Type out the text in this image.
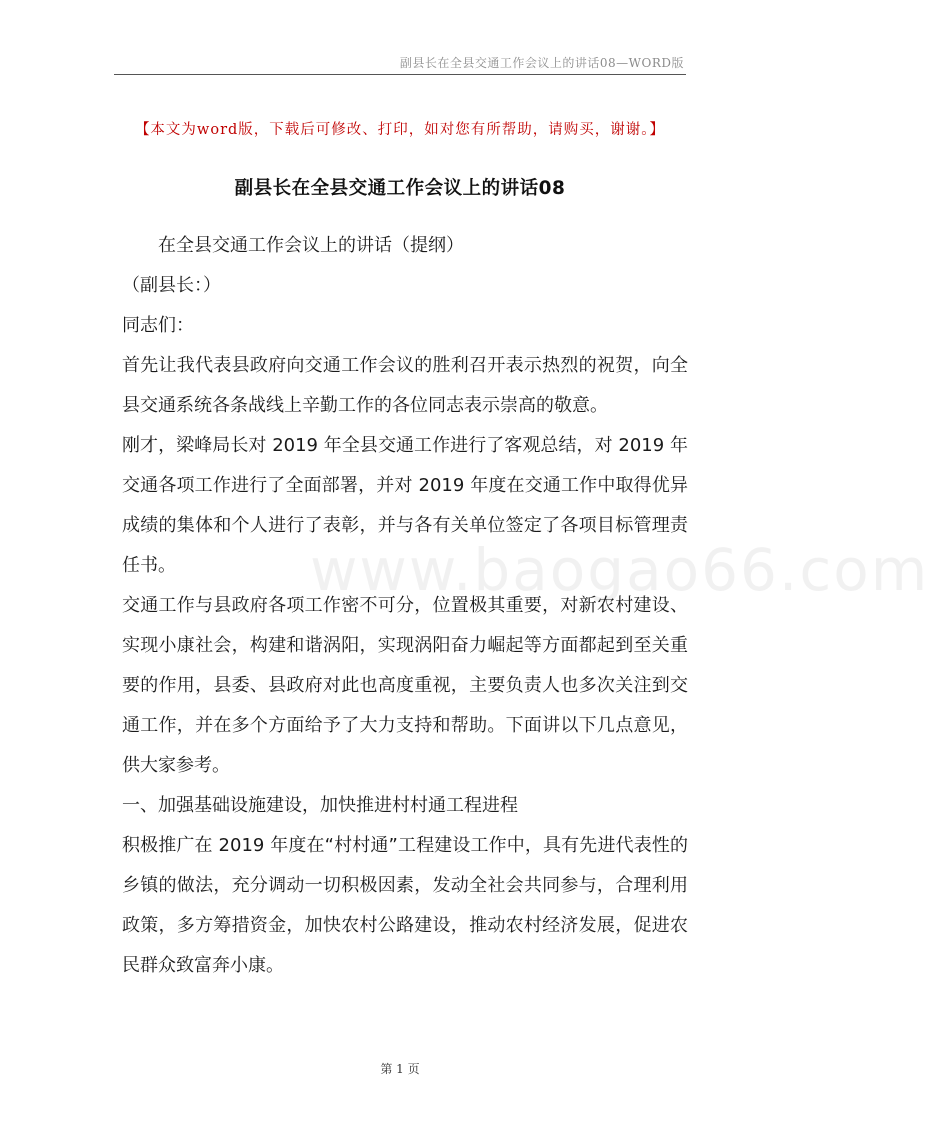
副县长在全县交通工作会议上的讲话08—WORD版
【本文为word版，下载后可修改、打印，如对您有所帮助，请购买，谢谢。】
副县长在全县交通工作会议上的讲话08
www.baogao66.com

在全县交通工作会议上的讲话（提纲）

（副县长：）

同志们：

首先让我代表县政府向交通工作会议的胜利召开表示热烈的祝贺，向全县交通系统各条战线上辛勤工作的各位同志表示崇高的敬意。

刚才，梁峰局长对 2019 年全县交通工作进行了客观总结，对 2019 年交通各项工作进行了全面部署，并对 2019 年度在交通工作中取得优异成绩的集体和个人进行了表彰，并与各有关单位签定了各项目标管理责任书。

交通工作与县政府各项工作密不可分，位置极其重要，对新农村建设、实现小康社会，构建和谐涡阳，实现涡阳奋力崛起等方面都起到至关重要的作用，县委、县政府对此也高度重视，主要负责人也多次关注到交通工作，并在多个方面给予了大力支持和帮助。下面讲以下几点意见，供大家参考。

一、加强基础设施建设，加快推进村村通工程进程

积极推广在 2019 年度在“村村通”工程建设工作中，具有先进代表性的乡镇的做法，充分调动一切积极因素，发动全社会共同参与，合理利用政策，多方筹措资金，加快农村公路建设，推动农村经济发展，促进农民群众致富奔小康。

第 1 页
